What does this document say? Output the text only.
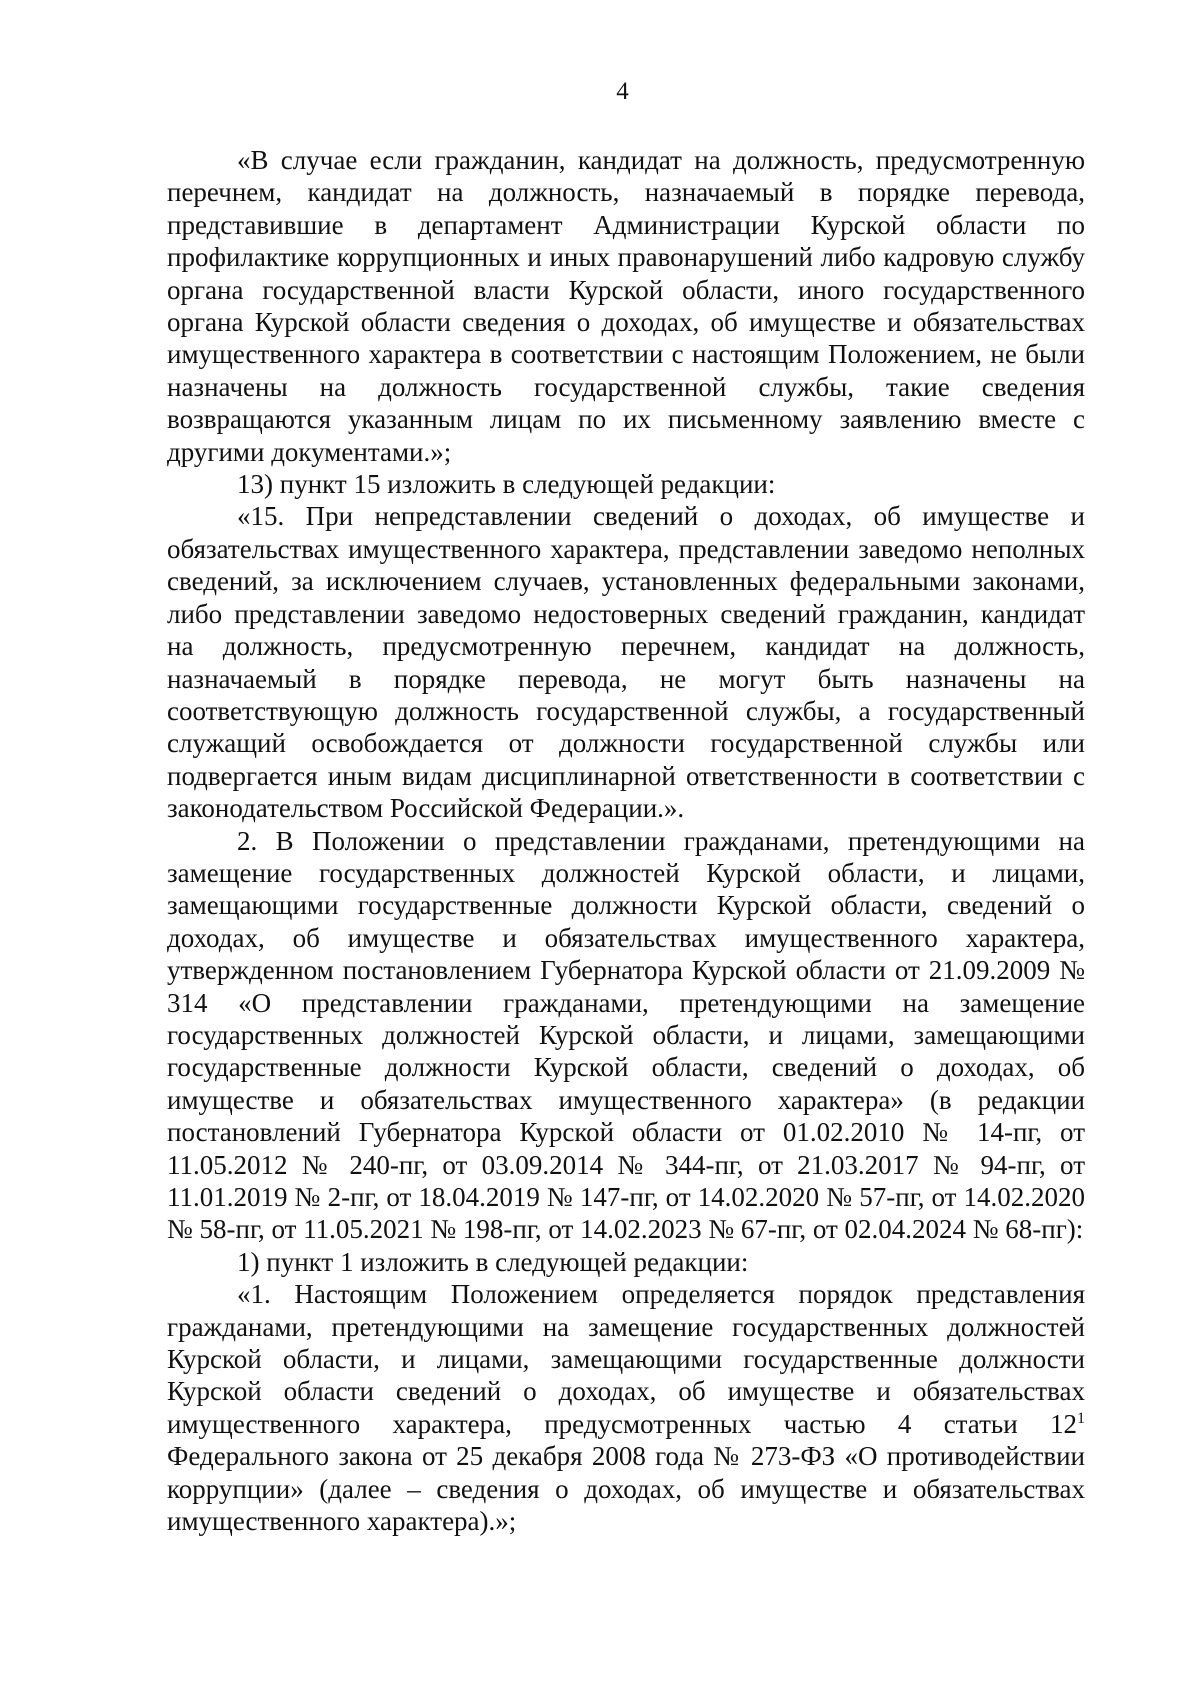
4

«В случае если гражданин, кандидат на должность, предусмотренную перечнем, кандидат на должность, назначаемый в порядке перевода, представившие в департамент Администрации Курской области по профилактике коррупционных и иных правонарушений либо кадровую службу органа государственной власти Курской области, иного государственного органа Курской области сведения о доходах, об имуществе и обязательствах имущественного характера в соответствии с настоящим Положением, не были назначены на должность государственной службы, такие сведения возвращаются указанным лицам по их письменному заявлению вместе с другими документами.»;

13) пункт 15 изложить в следующей редакции:

«15. При непредставлении сведений о доходах, об имуществе и обязательствах имущественного характера, представлении заведомо неполных сведений, за исключением случаев, установленных федеральными законами, либо представлении заведомо недостоверных сведений гражданин, кандидат на должность, предусмотренную перечнем, кандидат на должность, назначаемый в порядке перевода, не могут быть назначены на соответствующую должность государственной службы, а государственный служащий освобождается от должности государственной службы или подвергается иным видам дисциплинарной ответственности в соответствии с законодательством Российской Федерации.».

2. В Положении о представлении гражданами, претендующими на замещение государственных должностей Курской области, и лицами, замещающими государственные должности Курской области, сведений о доходах, об имуществе и обязательствах имущественного характера, утвержденном постановлением Губернатора Курской области от 21.09.2009 № 314 «О представлении гражданами, претендующими на замещение государственных должностей Курской области, и лицами, замещающими государственные должности Курской области, сведений о доходах, об имуществе и обязательствах имущественного характера» (в редакции постановлений Губернатора Курской области от 01.02.2010 № 14-пг, от 11.05.2012 № 240-пг, от 03.09.2014 № 344-пг, от 21.03.2017 № 94-пг, от 11.01.2019 № 2-пг, от 18.04.2019 № 147-пг, от 14.02.2020 № 57-пг, от 14.02.2020 № 58-пг, от 11.05.2021 № 198-пг, от 14.02.2023 № 67-пг, от 02.04.2024 № 68-пг):

1) пункт 1 изложить в следующей редакции:

«1. Настоящим Положением определяется порядок представления гражданами, претендующими на замещение государственных должностей Курской области, и лицами, замещающими государственные должности Курской области сведений о доходах, об имуществе и обязательствах имущественного характера, предусмотренных частью 4 статьи $12^1$ Федерального закона от 25 декабря 2008 года № 273-ФЗ «О противодействии коррупции» (далее – сведения о доходах, об имуществе и обязательствах имущественного характера).»;
